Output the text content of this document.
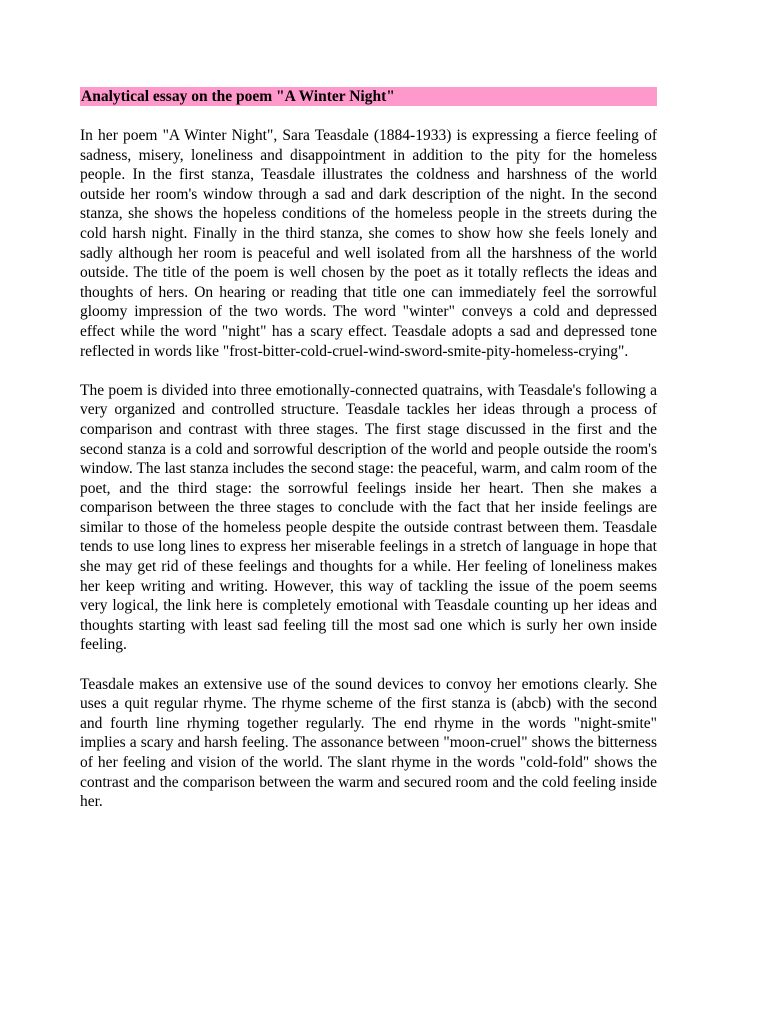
Analytical essay on the poem "A Winter Night"

In her poem "A Winter Night", Sara Teasdale (1884-1933) is expressing a fierce feeling of sadness, misery, loneliness and disappointment in addition to the pity for the homeless people. In the first stanza, Teasdale illustrates the coldness and harshness of the world outside her room's window through a sad and dark description of the night. In the second stanza, she shows the hopeless conditions of the homeless people in the streets during the cold harsh night. Finally in the third stanza, she comes to show how she feels lonely and sadly although her room is peaceful and well isolated from all the harshness of the world outside. The title of the poem is well chosen by the poet as it totally reflects the ideas and thoughts of hers. On hearing or reading that title one can immediately feel the sorrowful gloomy impression of the two words. The word "winter" conveys a cold and depressed effect while the word "night" has a scary effect. Teasdale adopts a sad and depressed tone reflected in words like "frost-bitter-cold-cruel-wind-sword-smite-pity-homeless-crying".

The poem is divided into three emotionally-connected quatrains, with Teasdale's following a very organized and controlled structure. Teasdale tackles her ideas through a process of comparison and contrast with three stages. The first stage discussed in the first and the second stanza is a cold and sorrowful description of the world and people outside the room's window. The last stanza includes the second stage: the peaceful, warm, and calm room of the poet, and the third stage: the sorrowful feelings inside her heart. Then she makes a comparison between the three stages to conclude with the fact that her inside feelings are similar to those of the homeless people despite the outside contrast between them. Teasdale tends to use long lines to express her miserable feelings in a stretch of language in hope that she may get rid of these feelings and thoughts for a while. Her feeling of loneliness makes her keep writing and writing. However, this way of tackling the issue of the poem seems very logical, the link here is completely emotional with Teasdale counting up her ideas and thoughts starting with least sad feeling till the most sad one which is surly her own inside feeling.

Teasdale makes an extensive use of the sound devices to convoy her emotions clearly. She uses a quit regular rhyme. The rhyme scheme of the first stanza is (abcb) with the second and fourth line rhyming together regularly. The end rhyme in the words "night-smite" implies a scary and harsh feeling. The assonance between "moon-cruel" shows the bitterness of her feeling and vision of the world. The slant rhyme in the words "cold-fold" shows the contrast and the comparison between the warm and secured room and the cold feeling inside her.
